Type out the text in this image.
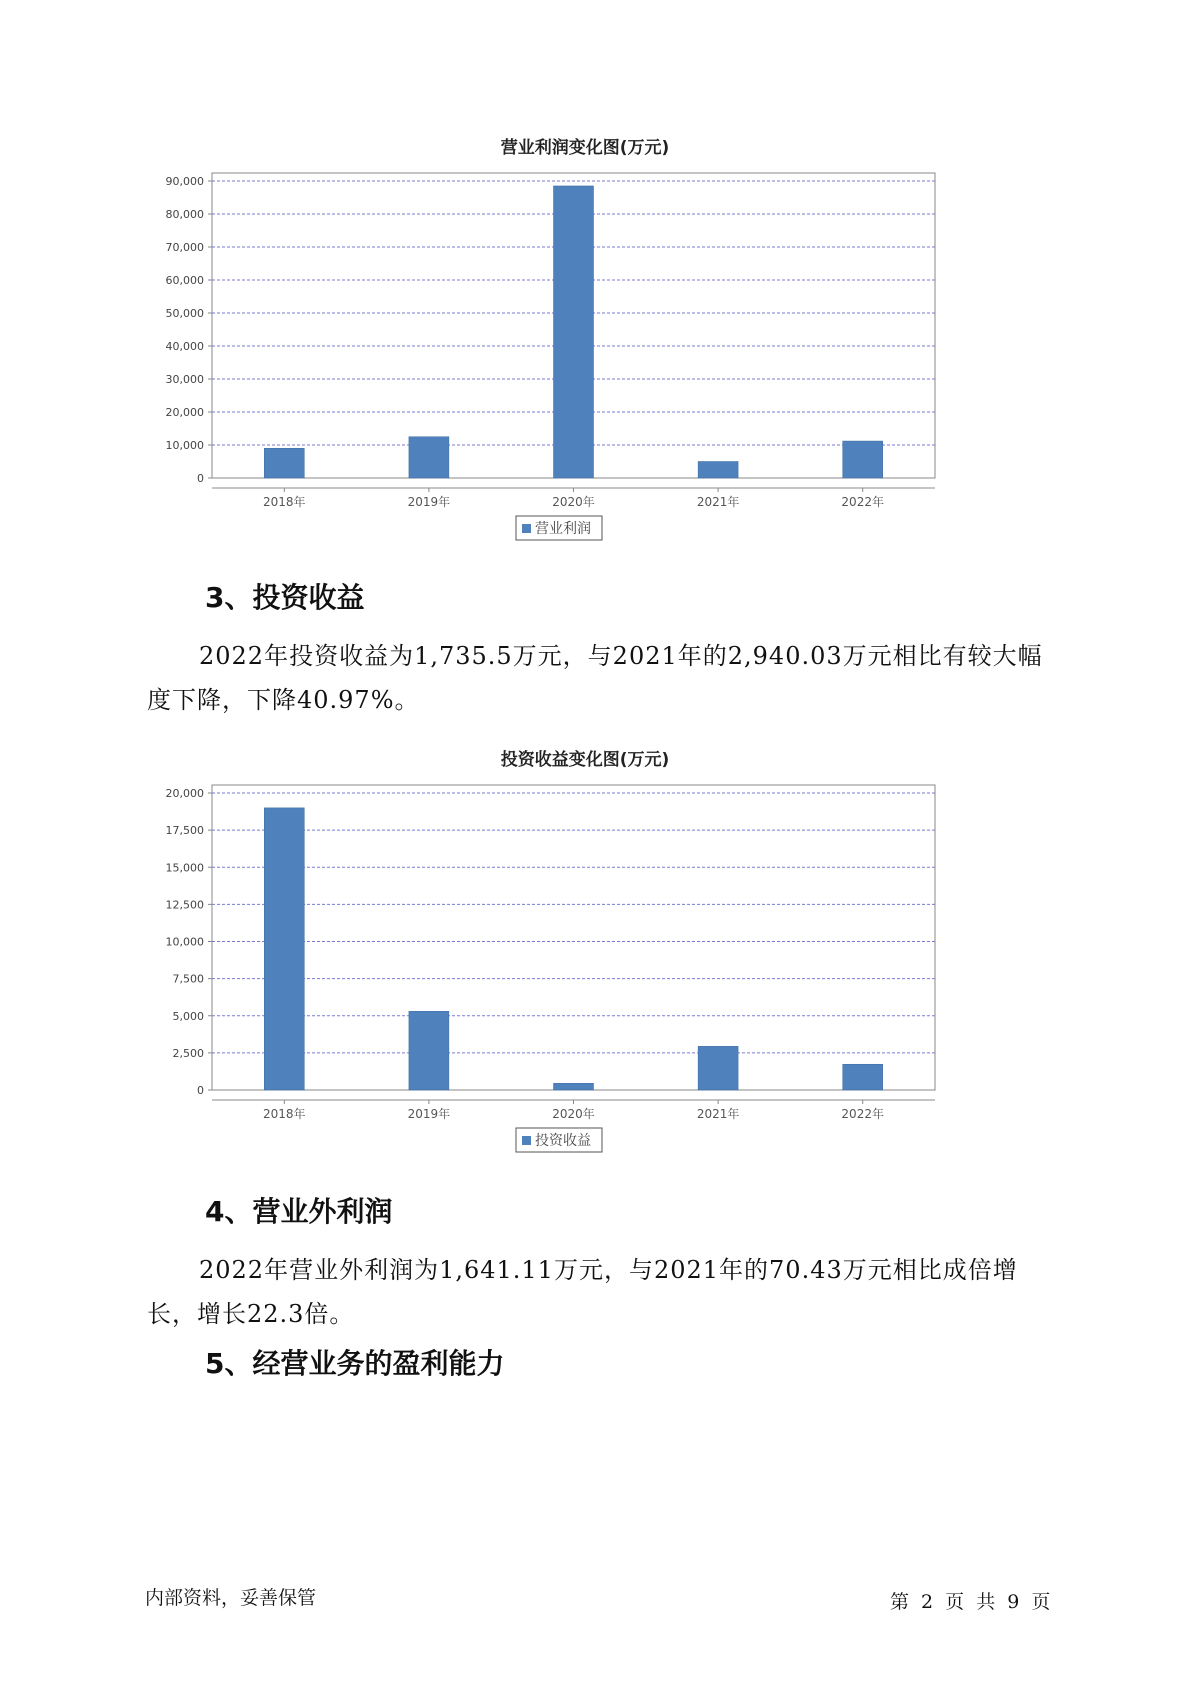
营业利润变化图(万元)
0
10,000
20,000
30,000
40,000
50,000
60,000
70,000
80,000
90,000
2018年	2019年	2020年	2021年	2022年
营业利润
3、投资收益
2022年投资收益为1,735.5万元，与2021年的2,940.03万元相比有较大幅度下降，下降40.97%。
投资收益变化图(万元)
0
2,500
5,000
7,500
10,000
12,500
15,000
17,500
20,000
2018年	2019年	2020年	2021年	2022年
投资收益
4、营业外利润
2022年营业外利润为1,641.11万元，与2021年的70.43万元相比成倍增长，增长22.3倍。
5、经营业务的盈利能力
内部资料，妥善保管	第 2 页 共 9 页
